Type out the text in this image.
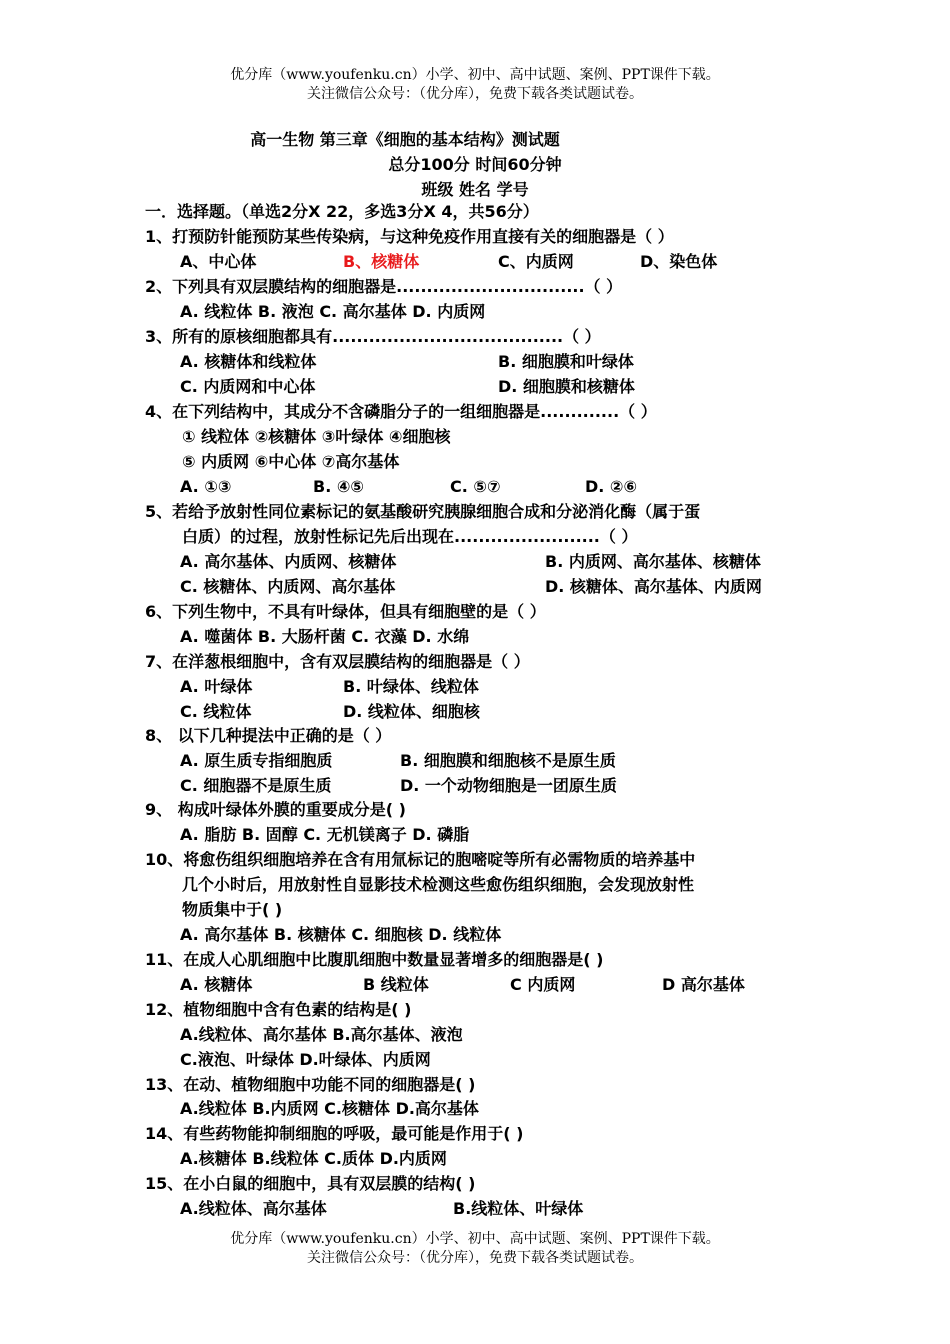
优分库（www.youfenku.cn）小学、初中、高中试题、案例、PPT课件下载。
关注微信公众号：（优分库），免费下载各类试题试卷。
高一生物 第三章《细胞的基本结构》测试题
总分100分 时间60分钟
班级 姓名 学号
一．选择题。（单选2分Χ 22，多选3分Χ 4，共56分）
1、打预防针能预防某些传染病，与这种免疫作用直接有关的细胞器是（ ）
A、中心体	B、核糖体	C、内质网	D、染色体
2、下列具有双层膜结构的细胞器是...............................（ ）
A. 线粒体 B. 液泡 C. 高尔基体 D. 内质网
3、所有的原核细胞都具有......................................（ ）
A. 核糖体和线粒体	B. 细胞膜和叶绿体
C. 内质网和中心体	D. 细胞膜和核糖体
4、在下列结构中，其成分不含磷脂分子的一组细胞器是.............（ ）
① 线粒体 ②核糖体 ③叶绿体 ④细胞核
⑤ 内质网 ⑥中心体 ⑦高尔基体
A. ①③	B. ④⑤	C. ⑤⑦	D. ②⑥
5、若给予放射性同位素标记的氨基酸研究胰腺细胞合成和分泌消化酶（属于蛋
白质）的过程，放射性标记先后出现在........................（ ）
A. 高尔基体、内质网、核糖体	B. 内质网、高尔基体、核糖体
C. 核糖体、内质网、高尔基体	D. 核糖体、高尔基体、内质网
6、下列生物中，不具有叶绿体，但具有细胞壁的是（ ）
A. 噬菌体 B. 大肠杆菌 C. 衣藻 D. 水绵
7、在洋葱根细胞中，含有双层膜结构的细胞器是（ ）
A. 叶绿体	B. 叶绿体、线粒体
C. 线粒体	D. 线粒体、细胞核
8、 以下几种提法中正确的是（ ）
A. 原生质专指细胞质	B. 细胞膜和细胞核不是原生质
C. 细胞器不是原生质	D. 一个动物细胞是一团原生质
9、 构成叶绿体外膜的重要成分是( )
A. 脂肪 B. 固醇 C. 无机镁离子 D. 磷脂
10、将愈伤组织细胞培养在含有用氚标记的胞嘧啶等所有必需物质的培养基中
几个小时后，用放射性自显影技术检测这些愈伤组织细胞，会发现放射性
物质集中于( )
A. 高尔基体 B. 核糖体 C. 细胞核 D. 线粒体
11、在成人心肌细胞中比腹肌细胞中数量显著增多的细胞器是( )
A. 核糖体	B 线粒体	C 内质网	D 高尔基体
12、植物细胞中含有色素的结构是( )
A.线粒体、高尔基体 B.高尔基体、液泡
C.液泡、叶绿体 D.叶绿体、内质网
13、在动、植物细胞中功能不同的细胞器是( )
A.线粒体 B.内质网 C.核糖体 D.高尔基体
14、有些药物能抑制细胞的呼吸，最可能是作用于( )
A.核糖体 B.线粒体 C.质体 D.内质网
15、在小白鼠的细胞中，具有双层膜的结构( )
A.线粒体、高尔基体	B.线粒体、叶绿体
优分库（www.youfenku.cn）小学、初中、高中试题、案例、PPT课件下载。
关注微信公众号：（优分库），免费下载各类试题试卷。
